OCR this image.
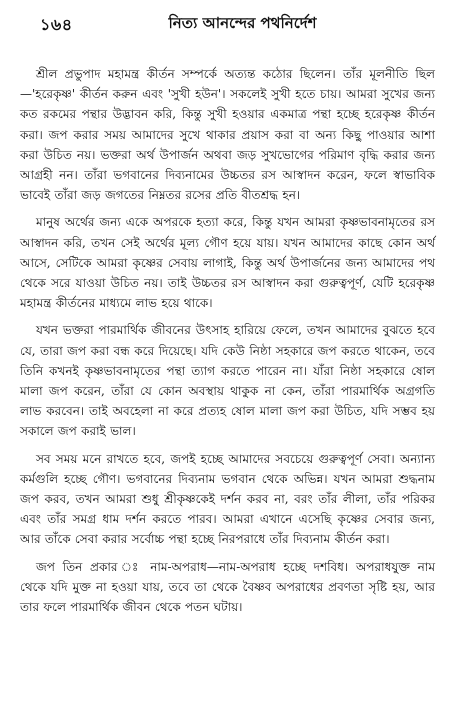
১৬৪	নিত্য আনন্দের পথনির্দেশ

শ্রীল প্রভুপাদ মহামন্ত্র কীর্তন সম্পর্কে অত্যন্ত কঠোর ছিলেন। তাঁর মূলনীতি ছিল—'হরেকৃষ্ণ' কীর্তন করুন এবং 'সুখী হউন'। সকলেই সুখী হতে চায়। আমরা সুখের জন্য কত রকমের পন্থার উদ্ভাবন করি, কিন্তু সুখী হওয়ার একমাত্র পন্থা হচ্ছে হরেকৃষ্ণ কীর্তন করা। জপ করার সময় আমাদের সুখে থাকার প্রয়াস করা বা অন্য কিছু পাওয়ার আশা করা উচিত নয়। ভক্তরা অর্থ উপার্জন অথবা জড় সুখভোগের পরিমাণ বৃদ্ধি করার জন্য আগ্রহী নন। তাঁরা ভগবানের দিব্যনামের উচ্চতর রস আস্বাদন করেন, ফলে স্বাভাবিক ভাবেই তাঁরা জড় জগতের নিম্নতর রসের প্রতি বীতশ্রদ্ধ হন।

মানুষ অর্থের জন্য একে অপরকে হত্যা করে, কিন্তু যখন আমরা কৃষ্ণভাবনামৃতের রস আস্বাদন করি, তখন সেই অর্থের মূল্য গৌণ হয়ে যায়। যখন আমাদের কাছে কোন অর্থ আসে, সেটিকে আমরা কৃষ্ণের সেবায় লাগাই, কিন্তু অর্থ উপার্জনের জন্য আমাদের পথ থেকে সরে যাওয়া উচিত নয়। তাই উচ্চতর রস আস্বাদন করা গুরুত্বপূর্ণ, যেটি হরেকৃষ্ণ মহামন্ত্র কীর্তনের মাধ্যমে লাভ হয়ে থাকে।

যখন ভক্তরা পারমার্থিক জীবনের উৎসাহ হারিয়ে ফেলে, তখন আমাদের বুঝতে হবে যে, তারা জপ করা বন্ধ করে দিয়েছে। যদি কেউ নিষ্ঠা সহকারে জপ করতে থাকেন, তবে তিনি কখনই কৃষ্ণভাবনামৃতের পন্থা ত্যাগ করতে পারেন না। যাঁরা নিষ্ঠা সহকারে ষোল মালা জপ করেন, তাঁরা যে কোন অবস্থায় থাকুক না কেন, তাঁরা পারমার্থিক অগ্রগতি লাভ করবেন। তাই অবহেলা না করে প্রত্যহ ষোল মালা জপ করা উচিত, যদি সম্ভব হয় সকালে জপ করাই ভাল।

সব সময় মনে রাখতে হবে, জপই হচ্ছে আমাদের সবচেয়ে গুরুত্বপূর্ণ সেবা। অন্যান্য কর্মগুলি হচ্ছে গৌণ। ভগবানের দিব্যনাম ভগবান থেকে অভিন্ন। যখন আমরা শুদ্ধনাম জপ করব, তখন আমরা শুধু শ্রীকৃষ্ণকেই দর্শন করব না, বরং তাঁর লীলা, তাঁর পরিকর এবং তাঁর সমগ্র ধাম দর্শন করতে পারব। আমরা এখানে এসেছি কৃষ্ণের সেবার জন্য, আর তাঁকে সেবা করার সর্বোচ্চ পন্থা হচ্ছে নিরপরাধে তাঁর দিব্যনাম কীর্তন করা।

জপ তিন প্রকার ঃ নাম-অপরাধ—নাম-অপরাধ হচ্ছে দশবিধ। অপরাধযুক্ত নাম থেকে যদি মুক্ত না হওয়া যায়, তবে তা থেকে বৈষ্ণব অপরাধের প্রবণতা সৃষ্টি হয়, আর তার ফলে পারমার্থিক জীবন থেকে পতন ঘটায়।
